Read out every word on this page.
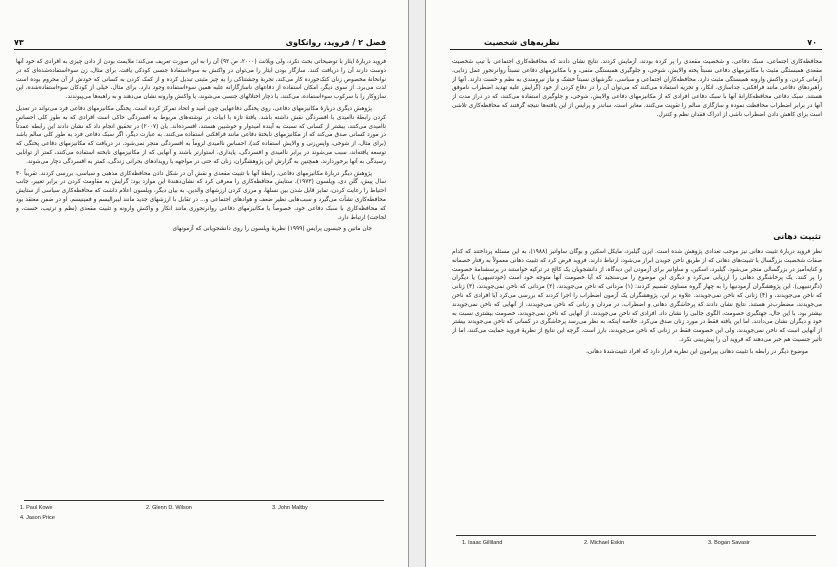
۷۳	فصل ۲ / فروید، روانکاوی

فروید دربارهٔ ایثار با توضیحاتی بحث نکرد، ولی ویلانت (۲۰۰۰، ص ۹۲) آن را به این صورت تعریف می‌کند: ملایمت بودن از دادن چیزی به افرادی که خود آنها دوست دارند آن را دریافت کنند. سازگار بودن ایثار را می‌توان در واکنش به سوءاستفادهٔ جنسی کودکی یافت. برای مثال، زن سوءاستفاده‌شده‌ای که در نوانخانهٔ مخصوص زنان کتک‌خورده کار می‌کند، تجربهٔ وحشتناکی را به چیز مثبتی تبدیل کرده و از کمک کردن به کسانی که خودش از آن محروم بوده است لذت می‌برد. از سوی دیگر، امکان استفاده از دفاعهای ناسازگارانه علیه همین سوءاستفاده وجود دارد. برای مثال، خیلی از کودکان سوءاستفاده‌شده، این سازوکار را با سرکوب سوءاستفاده، می‌کنند، یا دچار اختلالهای جنسی می‌شوند، یا واکنش وارونه نشان می‌دهند و به راهبه‌ها می‌پیوندند.

پژوهش دیگری دربارهٔ مکانیزمهای دفاعی، روی پختگی دفاعهایی چون امید و اتحاد تمرکز کرده است. پختگی مکانیزمهای دفاعی فرد می‌تواند در تعدیل کردن رابطهٔ ناامیدی با افسردگی نقش داشته باشد. یافتهٔ تازه با ابیات در نوشته‌های مربوط به افسردگی حاکی است افرادی که به طور کلی احساس ناامیدی می‌کنند، بیشتر از کسانی که نسبت به آینده امیدوار و خوشبین هستند، افسرده‌اند. یان (۲۰۰۷) در تحقیق انجام داد که نشان دادند این رابطه عمدتاً در مورد کسانی صدق می‌کند که از مکانیزمهای نابختهٔ دفاعی مانند فرافکنی استفاده می‌کنند. به عبارت دیگر، اگر سبک دفاعی فرد به طور کلی سالم باشد (برای مثال، از شوخی، واپس‌زنی و والایش استفاده کند)، احساس ناامیدی لزوماً به افسردگی منجر نمی‌شود. در دریافت که مکانیزمهای دفاعی پختگی که توسعه یافته‌اند، سبب می‌شوند در برابر ناامیدی و افسردگی، پایداری، استوارتر باشند و آنهایی که از مکانیزمهای نابخته استفاده می‌کنند، کمتر از توانایی رسیدگی به آنها برخوردارند. همچنین به گزارش این پژوهشگران، زنان که حتی در مواجهه با رویدادهای بحرانی زندگی، کمتر به افسردگی دچار می‌شوند.

پژوهش دیگر دربارهٔ مکانیزمهای دفاعی، رابطهٔ آنها با تثبیت مقعدی و نقش آن در شکل دادن محافظه‌کاری مذهبی و سیاسی، بررسی کردند. تقریباً ۳۰ سال پیش، گلن دی. ویلسون (۱۹۷۳)، ستایش محافظه‌کاری را معرفی کرد که نشان‌دهندهٔ این موارد بود: گرایش به مقاومت کردن در برابر تغییر، جانب احتیاط را رعایت کردن، تمایز قایل شدن بین نسلها، و مرزی کردن ارزشهای والدین. به بیان دیگر، ویلسون اعلام داشت که محافظه‌کاری سیاسی از ستایش محافظه‌کاری نشأت می‌گیرد و سبب‌هایی نظیر ضعف و هوادهای اجتماعی و... در تقابل با ارزشهای جدید مانند لیبرالیسم و فمینیسم. او در ضمن معتقد بود که محافظه‌کاری با سبک دفاعی خود، خصوصاً با مکانیزمهای دفاعی روانرنجوری مانند انکار و واکنش وارونه و تثبیت مقعدی (نظم و ترتیب، خست، و لجاجت) ارتباط دارد.

جان ماتین و جیسون پرایس (۱۹۹۹) نظریهٔ ویلسون را روی دانشجویانی که آزمونهای

1. Paul Kowe	2. Glenn D. Wilson	3. John Maltby
4. Jason Price
۷۰
نظریه‌های شخصیت

محافظه‌کاری اجتماعی، سبک دفاعی، و شخصیت مقعدی را پر کرده بودند، آزمایش کردند. نتایج نشان دادند که محافظه‌کاری اجتماعی با تیپ شخصیت مقعدی همبستگی مثبت با مکانیزمهای دفاعی نسبتاً پخته والایش، شوخی، و جلوگیری همبستگی منفی، و با مکانیزمهای دفاعی نسبتاً روانرنجور عمل زدایی، آرمانی کردن، و واکنش وارونه همبستگی مثبت دارد. محافظه‌کاران اجتماعی و سیاسی، نگرشهای نسبتاً خشک و نیاز نیرومندی به نظم و خست دارند. آنها از راهبردهای دفاعی مانند فرافکنی، جداسازی، انکار، و تجزیه استفاده می‌کنند که می‌توان آن را در دفاع کردن از خود (گرایش علیه تهدید اضطراب ناموفق هستند. سبک دفاعی محافظه‌کارانهٔ آنها با سبک دفاعی افرادی که از مکانیزمهای دفاعی والایش، شوخی، و جلوگیری استفاده می‌کنند، که در دراز مدت از آنها در برابر اضطراب محافظت نموده و سازگاری سالم را تقویت می‌کنند، مغایر است. ساندر و پرایس از این یافته‌ها نتیجه گرفتند که محافظه‌کاری تلاشی است برای کاهش دادن اضطراب ناشی از ادراک فقدان نظم و کنترل.

تثبیت دهانی

نظر فروید دربارهٔ تثبیت دهانی نیز موجب تعدادی پژوهش شده است. ایزن گیلبرد، مایکل اسکین و بوگان ساوانیر (۱۹۸۸)، به این مسئله پرداختند که کدام صفات شخصیت بزرگسال با تثبیت‌های دهانی که از طریق ناخن جویدن ابراز می‌شود، ارتباط دارند. فروید فرض کرد که تثبیت دهانی معمولاً به رفتار خصمانه و کنایه‌آمیز در بزرگسالی منجر می‌شود. گیلبرد، اسکین، و ساوانیر برای آزمودن این دیدگاه، از دانشجویان یک کالج در ترکیه خواستند در پرسشنامهٔ خصومت را پر کنند. یک پرخاشگری دهانی را ارزیابی می‌کرد و دیگری این موضوع را می‌سنجید که آیا خصومت آنها متوجه خود است (خودتنبیهی) یا دیگران (دگرتنبیهی). این پژوهشگران آزمودنیها را به چهار گروه مساوی تقسیم کردند: (۱) مردانی که ناخن می‌جویدند، (۲) مردانی که ناخن نمی‌جویدند، (۳) زنانی که ناخن می‌جویدند، و (۴) زنانی که ناخن نمی‌جویدند. علاوه بر این، پژوهشگران یک آزمون اضطراب را اجرا کردند که بررسی می‌کرد آیا افرادی که ناخن می‌جویدند، مضطرب‌تر هستند. نتایج نشان دادند که پرخاشگری دهانی و اضطراب، در مردان و زنانی که ناخن می‌جویدند، از آنهایی که ناخن نمی‌جویدند بیشتر بود. با این حال، جهتگیری خصومت، الگوی جالبی را نشان داد. افرادی که ناخن می‌جویدند، از آنهایی که ناخن نمی‌جویدند، خصومت بیشتری نسبت به خود و دیگران نشان می‌دادند. اما این یافته فقط در مورد زنان صدق می‌کرد. خلاصه اینکه، به نظر می‌رسد پرخاشگری در کسانی که ناخن می‌جویدند بیشتر از آنهایی است که ناخن نمی‌جویدند، ولی این خصومت فقط در زنانی که ناخن می‌جویدند، بارز است. گرچه این نتایج از نظریهٔ فروید حمایت می‌کنند، اما از تأثیر جنسیت هم خبر می‌دهند که فروید آن را پیش‌بینی نکرد.

موضوع دیگر در رابطه با تثبیت دهانی پیرامون این نظریه قرار دارد که افراد تثبیت‌شدهٔ دهانی،

1. Isaac Gilliland	2. Michael Eskin	3. Bogan Savasir
